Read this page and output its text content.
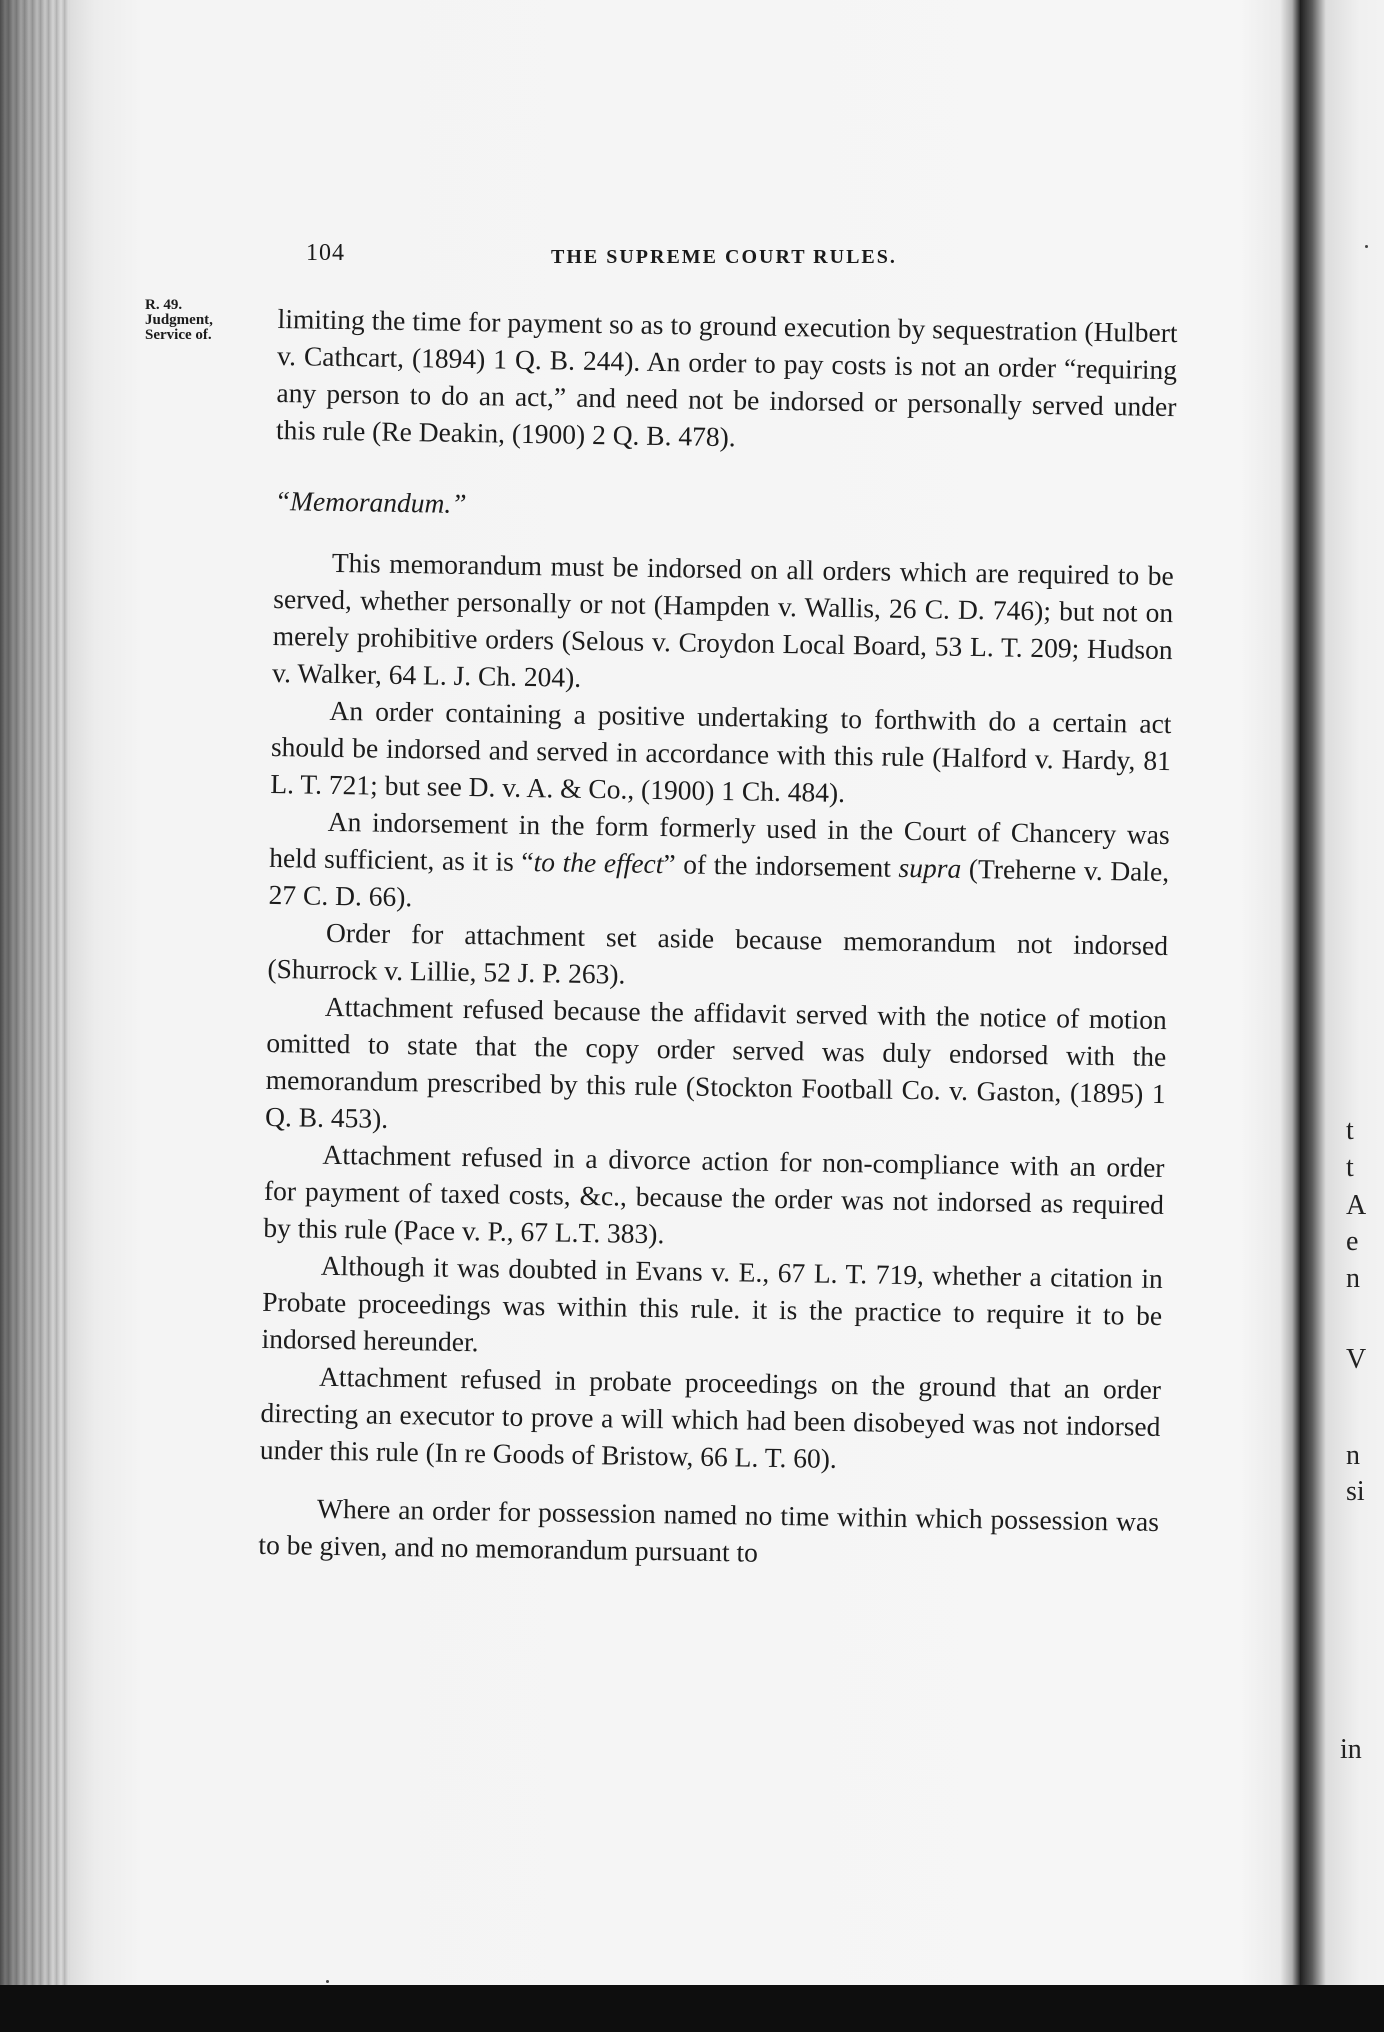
t
t
A
e
n
V
n
si
in
104	THE SUPREME COURT RULES.
R. 49.
Judgment,
Service of.	limiting the time for payment so as to ground execution by sequestration (Hulbert v. Cathcart, (1894) 1 Q. B. 244). An order to pay costs is not an order “requiring any person to do an act,” and need not be indorsed or personally served under this rule (Re Deakin, (1900) 2 Q. B. 478).

“Memorandum.”

This memorandum must be indorsed on all orders which are required to be served, whether personally or not (Hampden v. Wallis, 26 C. D. 746); but not on merely prohibitive orders (Selous v. Croydon Local Board, 53 L. T. 209; Hudson v. Walker, 64 L. J. Ch. 204).

An order containing a positive undertaking to forthwith do a certain act should be indorsed and served in accordance with this rule (Halford v. Hardy, 81 L. T. 721; but see D. v. A. & Co., (1900) 1 Ch. 484).

An indorsement in the form formerly used in the Court of Chancery was held sufficient, as it is “to the effect” of the indorsement supra (Treherne v. Dale, 27 C. D. 66).

Order for attachment set aside because memorandum not indorsed (Shurrock v. Lillie, 52 J. P. 263).

Attachment refused because the affidavit served with the notice of motion omitted to state that the copy order served was duly endorsed with the memorandum prescribed by this rule (Stockton Football Co. v. Gaston, (1895) 1 Q. B. 453).

Attachment refused in a divorce action for non-compliance with an order for payment of taxed costs, &c., because the order was not indorsed as required by this rule (Pace v. P., 67 L.T. 383).

Although it was doubted in Evans v. E., 67 L. T. 719, whether a citation in Probate proceedings was within this rule. it is the practice to require it to be indorsed hereunder.

Attachment refused in probate proceedings on the ground that an order directing an executor to prove a will which had been disobeyed was not indorsed under this rule (In re Goods of Bristow, 66 L. T. 60).

Where an order for possession named no time within which possession was to be given, and no memorandum pursuant to
